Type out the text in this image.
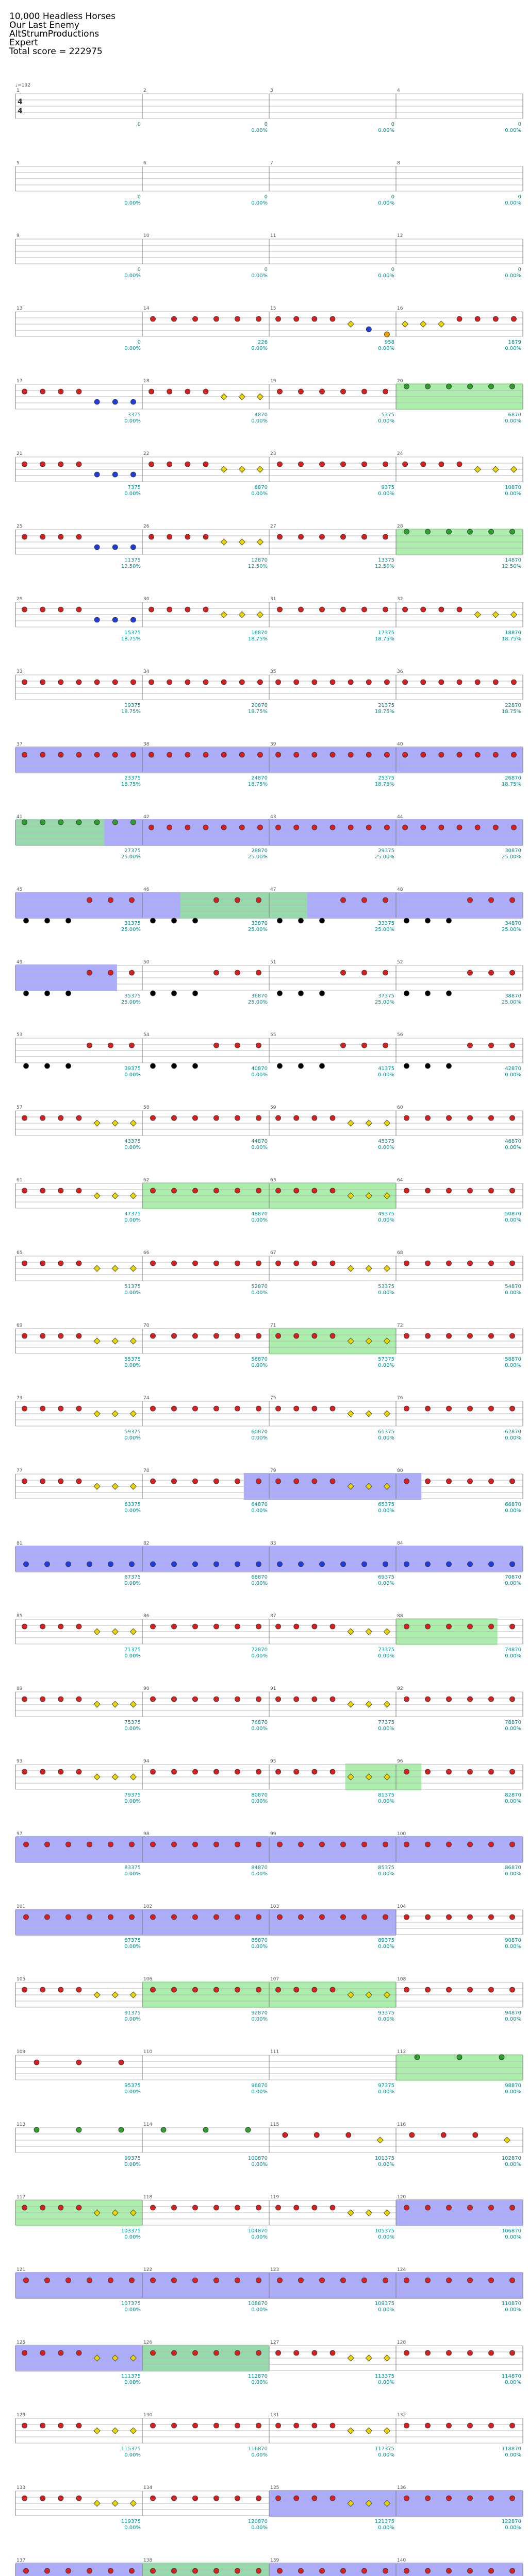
10,000 Headless Horses
Our Last Enemy
AltStrumProductions
Expert
Total score = 222975
1
0
2
0
0.00%
3
0
0.00%
4
0
0.00%
♩=192
4
4
5
0
0.00%
6
0
0.00%
7
0
0.00%
8
0
0.00%
9
0
0.00%
10
0
0.00%
11
0
0.00%
12
0
0.00%
13
0
0.00%
14
226
0.00%
15
958
0.00%
16
1879
0.00%
17
3375
0.00%
18
4870
0.00%
19
5375
0.00%
20
6870
0.00%
21
7375
0.00%
22
8870
0.00%
23
9375
0.00%
24
10870
0.00%
25
11375
12.50%
26
12870
12.50%
27
13375
12.50%
28
14870
12.50%
29
15375
18.75%
30
16870
18.75%
31
17375
18.75%
32
18870
18.75%
33
19375
18.75%
34
20870
18.75%
35
21375
18.75%
36
22870
18.75%
37
23375
18.75%
38
24870
18.75%
39
25375
18.75%
40
26870
18.75%
41
27375
25.00%
42
28870
25.00%
43
29375
25.00%
44
30870
25.00%
45
31375
25.00%
46
32870
25.00%
47
33375
25.00%
48
34870
25.00%
49
35375
25.00%
50
36870
25.00%
51
37375
25.00%
52
38870
25.00%
53
39375
0.00%
54
40870
0.00%
55
41375
0.00%
56
42870
0.00%
57
43375
0.00%
58
44870
0.00%
59
45375
0.00%
60
46870
0.00%
61
47375
0.00%
62
48870
0.00%
63
49375
0.00%
64
50870
0.00%
65
51375
0.00%
66
52870
0.00%
67
53375
0.00%
68
54870
0.00%
69
55375
0.00%
70
56870
0.00%
71
57375
0.00%
72
58870
0.00%
73
59375
0.00%
74
60870
0.00%
75
61375
0.00%
76
62870
0.00%
77
63375
0.00%
78
64870
0.00%
79
65375
0.00%
80
66870
0.00%
81
67375
0.00%
82
68870
0.00%
83
69375
0.00%
84
70870
0.00%
85
71375
0.00%
86
72870
0.00%
87
73375
0.00%
88
74870
0.00%
89
75375
0.00%
90
76870
0.00%
91
77375
0.00%
92
78870
0.00%
93
79375
0.00%
94
80870
0.00%
95
81375
0.00%
96
82870
0.00%
97
83375
0.00%
98
84870
0.00%
99
85375
0.00%
100
86870
0.00%
101
87375
0.00%
102
88870
0.00%
103
89375
0.00%
104
90870
0.00%
105
91375
0.00%
106
92870
0.00%
107
93375
0.00%
108
94870
0.00%
109
95375
0.00%
110
96870
0.00%
111
97375
0.00%
112
98870
0.00%
113
99375
0.00%
114
100870
0.00%
115
101375
0.00%
116
102870
0.00%
117
103375
0.00%
118
104870
0.00%
119
105375
0.00%
120
106870
0.00%
121
107375
0.00%
122
108870
0.00%
123
109375
0.00%
124
110870
0.00%
125
111375
0.00%
126
112870
0.00%
127
113375
0.00%
128
114870
0.00%
129
115375
0.00%
130
116870
0.00%
131
117375
0.00%
132
118870
0.00%
133
119375
0.00%
134
120870
0.00%
135
121375
0.00%
136
122870
0.00%
137	138	139	140
